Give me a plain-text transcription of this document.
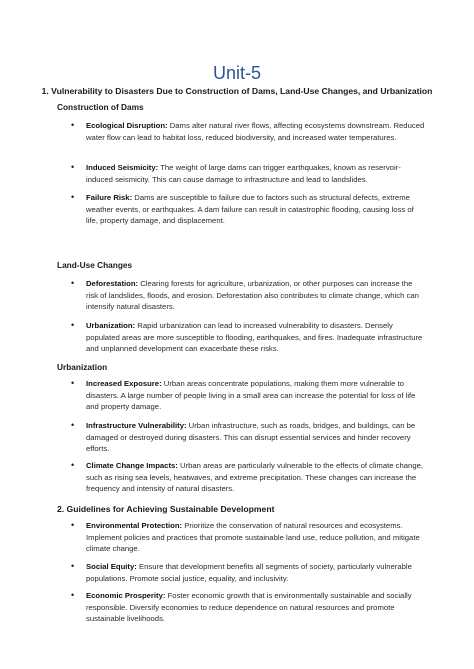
Unit-5
1. Vulnerability to Disasters Due to Construction of Dams, Land-Use Changes, and Urbanization
Construction of Dams
• Ecological Disruption: Dams alter natural river flows, affecting ecosystems downstream. Reduced water flow can lead to habitat loss, reduced biodiversity, and increased water temperatures.
• Induced Seismicity: The weight of large dams can trigger earthquakes, known as reservoir-induced seismicity. This can cause damage to infrastructure and lead to landslides.
• Failure Risk: Dams are susceptible to failure due to factors such as structural defects, extreme weather events, or earthquakes. A dam failure can result in catastrophic flooding, causing loss of life, property damage, and displacement.
Land-Use Changes
• Deforestation: Clearing forests for agriculture, urbanization, or other purposes can increase the risk of landslides, floods, and erosion. Deforestation also contributes to climate change, which can intensify natural disasters.
• Urbanization: Rapid urbanization can lead to increased vulnerability to disasters. Densely populated areas are more susceptible to flooding, earthquakes, and fires. Inadequate infrastructure and unplanned development can exacerbate these risks.
Urbanization
• Increased Exposure: Urban areas concentrate populations, making them more vulnerable to disasters. A large number of people living in a small area can increase the potential for loss of life and property damage.
• Infrastructure Vulnerability: Urban infrastructure, such as roads, bridges, and buildings, can be damaged or destroyed during disasters. This can disrupt essential services and hinder recovery efforts.
• Climate Change Impacts: Urban areas are particularly vulnerable to the effects of climate change, such as rising sea levels, heatwaves, and extreme precipitation. These changes can increase the frequency and intensity of natural disasters.
2. Guidelines for Achieving Sustainable Development
• Environmental Protection: Prioritize the conservation of natural resources and ecosystems. Implement policies and practices that promote sustainable land use, reduce pollution, and mitigate climate change.
• Social Equity: Ensure that development benefits all segments of society, particularly vulnerable populations. Promote social justice, equality, and inclusivity.
• Economic Prosperity: Foster economic growth that is environmentally sustainable and socially responsible. Diversify economies to reduce dependence on natural resources and promote sustainable livelihoods.
